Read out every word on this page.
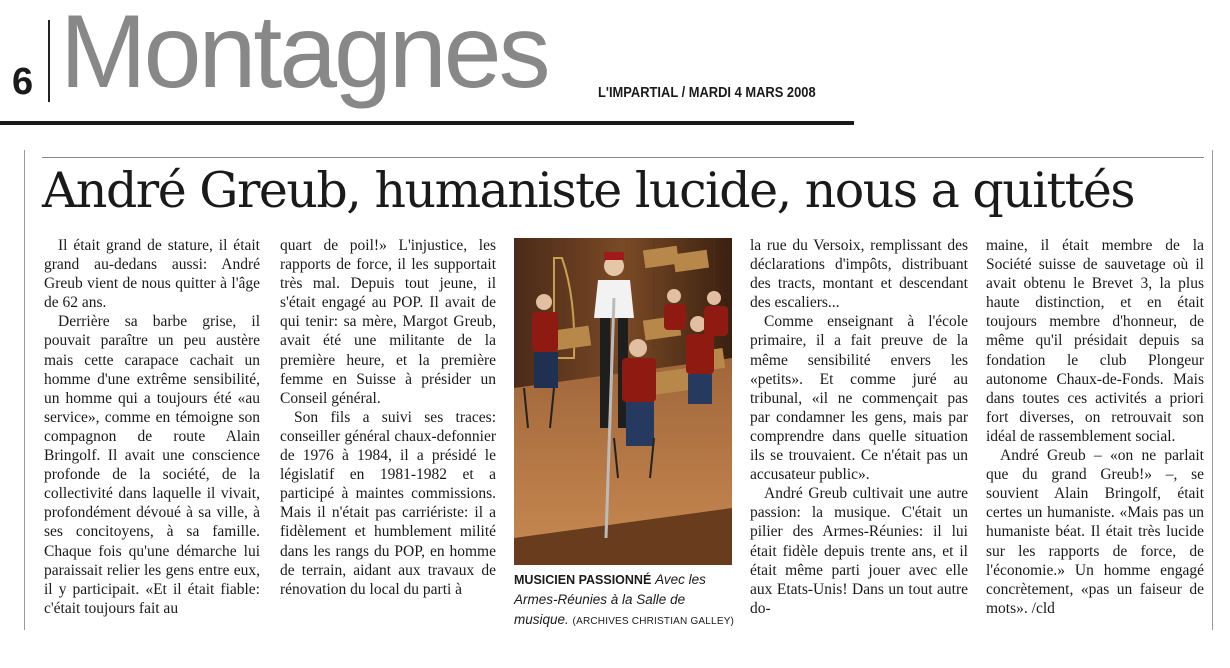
6 Montagnes	L'IMPARTIAL / MARDI 4 MARS 2008
André Greub, humaniste lucide, nous a quittés

Il était grand de stature, il était grand au-dedans aussi: André Greub vient de nous quitter à l'âge de 62 ans.

Derrière sa barbe grise, il pouvait paraître un peu austère mais cette carapace cachait un homme d'une extrême sensibilité, un homme qui a toujours été «au service», comme en témoigne son compagnon de route Alain Bringolf. Il avait une conscience profonde de la société, de la collectivité dans laquelle il vivait, profondément dévoué à sa ville, à ses concitoyens, à sa famille. Chaque fois qu'une démarche lui paraissait relier les gens entre eux, il y participait. «Et il était fiable: c'était toujours fait au

quart de poil!» L'injustice, les rapports de force, il les supportait très mal. Depuis tout jeune, il s'était engagé au POP. Il avait de qui tenir: sa mère, Margot Greub, avait été une militante de la première heure, et la première femme en Suisse à présider un Conseil général.

Son fils a suivi ses traces: conseiller général chaux-defonnier de 1976 à 1984, il a présidé le législatif en 1981-1982 et a participé à maintes commissions. Mais il n'était pas carriériste: il a fidèlement et humblement milité dans les rangs du POP, en homme de terrain, aidant aux travaux de rénovation du local du parti à

la rue du Versoix, remplissant des déclarations d'impôts, distribuant des tracts, montant et descendant des escaliers...

Comme enseignant à l'école primaire, il a fait preuve de la même sensibilité envers les «petits». Et comme juré au tribunal, «il ne commençait pas par condamner les gens, mais par comprendre dans quelle situation ils se trouvaient. Ce n'était pas un accusateur public».

André Greub cultivait une autre passion: la musique. C'était un pilier des Armes-Réunies: il lui était fidèle depuis trente ans, et il était même parti jouer avec elle aux Etats-Unis! Dans un tout autre do-

maine, il était membre de la Société suisse de sauvetage où il avait obtenu le Brevet 3, la plus haute distinction, et en était toujours membre d'honneur, de même qu'il présidait depuis sa fondation le club Plongeur autonome Chaux-de-Fonds. Mais dans toutes ces activités a priori fort diverses, on retrouvait son idéal de rassemblement social.

André Greub – «on ne parlait que du grand Greub!» –, se souvient Alain Bringolf, était certes un humaniste. «Mais pas un humaniste béat. Il était très lucide sur les rapports de force, de l'économie.» Un homme engagé concrètement, «pas un faiseur de mots». /cld

MUSICIEN PASSIONNÉ Avec les Armes-Réunies à la Salle de musique. (ARCHIVES CHRISTIAN GALLEY)
